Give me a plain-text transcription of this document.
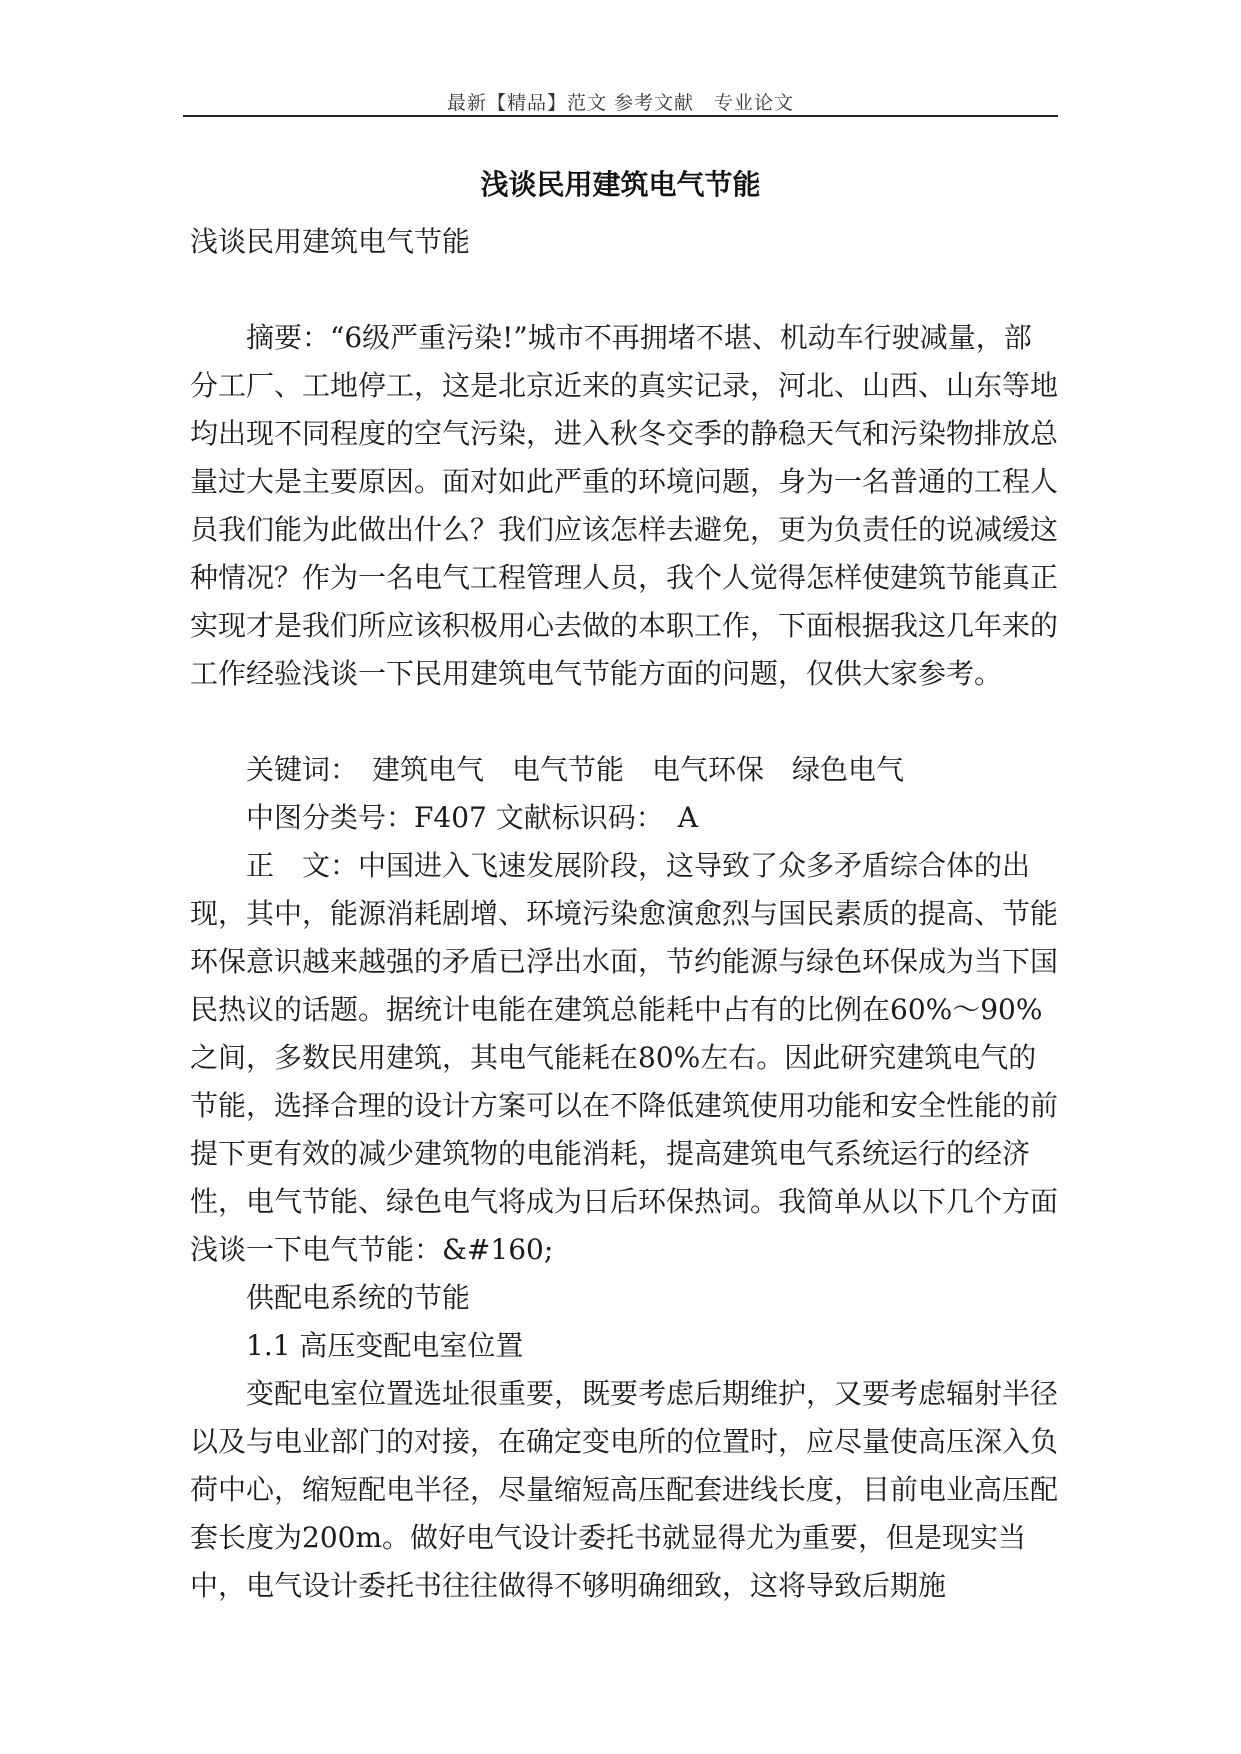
最新【精品】范文 参考文献　专业论文
浅谈民用建筑电气节能

浅谈民用建筑电气节能

摘要：“6级严重污染!”城市不再拥堵不堪、机动车行驶减量，部分工厂、工地停工，这是北京近来的真实记录，河北、山西、山东等地均出现不同程度的空气污染，进入秋冬交季的静稳天气和污染物排放总量过大是主要原因。面对如此严重的环境问题，身为一名普通的工程人员我们能为此做出什么？我们应该怎样去避免，更为负责任的说减缓这种情况？作为一名电气工程管理人员，我个人觉得怎样使建筑节能真正实现才是我们所应该积极用心去做的本职工作，下面根据我这几年来的工作经验浅谈一下民用建筑电气节能方面的问题，仅供大家参考。

关键词：　建筑电气　电气节能　电气环保　绿色电气

中图分类号：F407 文献标识码：　A

正　文：中国进入飞速发展阶段，这导致了众多矛盾综合体的出现，其中，能源消耗剧增、环境污染愈演愈烈与国民素质的提高、节能环保意识越来越强的矛盾已浮出水面，节约能源与绿色环保成为当下国民热议的话题。据统计电能在建筑总能耗中占有的比例在60%～90%之间，多数民用建筑，其电气能耗在80%左右。因此研究建筑电气的节能，选择合理的设计方案可以在不降低建筑使用功能和安全性能的前提下更有效的减少建筑物的电能消耗，提高建筑电气系统运行的经济性，电气节能、绿色电气将成为日后环保热词。我简单从以下几个方面浅谈一下电气节能：&#160;

供配电系统的节能

1.1 高压变配电室位置

变配电室位置选址很重要，既要考虑后期维护，又要考虑辐射半径以及与电业部门的对接，在确定变电所的位置时，应尽量使高压深入负荷中心，缩短配电半径，尽量缩短高压配套进线长度，目前电业高压配套长度为200m。做好电气设计委托书就显得尤为重要，但是现实当中，电气设计委托书往往做得不够明确细致，这将导致后期施
